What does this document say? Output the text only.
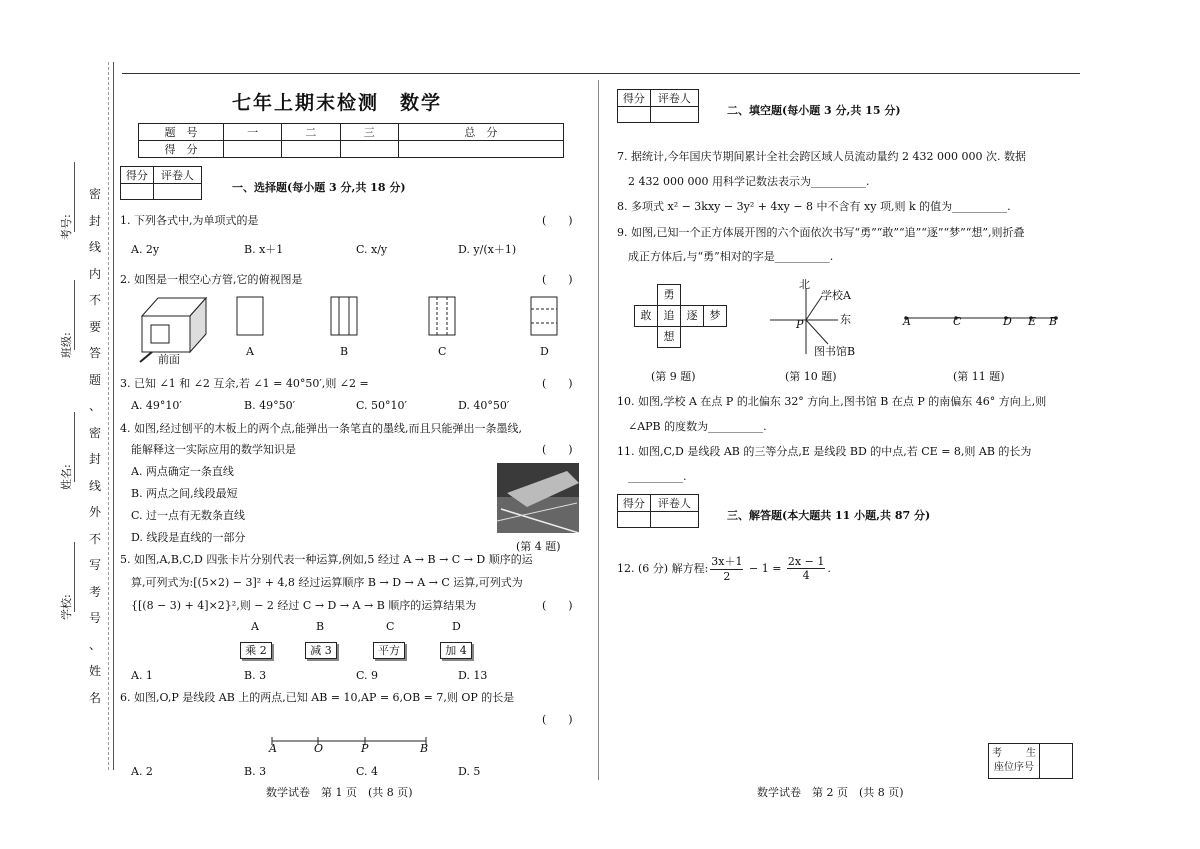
考号:
班级:
姓名:
学校:
密
封
线
内
不
要
答
题
、
密
封
线
外
不
写
考
号
、
姓
名
七年上期末检测　数学
题　号	一	二	三	总　分
得　分				
得分	评卷人

一、选择题(每小题 3 分,共 18 分)
1. 下列各式中,为单项式的是	(　　)
A. 2y	B. x＋1	C. x/y	D. y/(x＋1)
2. 如图是一根空心方管,它的俯视图是	(　　)
前面
A	B	C	D
3. 已知 ∠1 和 ∠2 互余,若 ∠1 = 40°50′,则 ∠2 =	(　　)
A. 49°10′	B. 49°50′	C. 50°10′	D. 40°50′
4. 如图,经过刨平的木板上的两个点,能弹出一条笔直的墨线,而且只能弹出一条墨线,
能解释这一实际应用的数学知识是	(　　)
A. 两点确定一条直线
B. 两点之间,线段最短
C. 过一点有无数条直线
D. 线段是直线的一部分
(第 4 题)
5. 如图,A,B,C,D 四张卡片分别代表一种运算,例如,5 经过 A → B → C → D 顺序的运
算,可列式为:[(5×2) − 3]² + 4,8 经过运算顺序 B → D → A → C 运算,可列式为
{[(8 − 3) + 4]×2}²,则 − 2 经过 C → D → A → B 顺序的运算结果为	(　　)
A	B	C	D
乘 2	减 3	平方	加 4
A. 1	B. 3	C. 9	D. 13
6. 如图,O,P 是线段 AB 上的两点,已知 AB = 10,AP = 6,OB = 7,则 OP 的长是
(　　)
A	O	P	B
A. 2	B. 3	C. 4	D. 5
数学试卷　第 1 页　(共 8 页)
得分	评卷人

二、填空题(每小题 3 分,共 15 分)
7. 据统计,今年国庆节期间累计全社会跨区域人员流动量约 2 432 000 000 次. 数据
2 432 000 000 用科学记数法表示为__________.
8. 多项式 x² − 3kxy − 3y² + 4xy − 8 中不含有 xy 项,则 k 的值为__________.
9. 如图,已知一个正方体展开图的六个面依次书写“勇”“敢”“追”“逐”“梦”“想”,则折叠
成正方体后,与“勇”相对的字是__________.
勇
敢	追	逐	梦
想
北
学校A
P	东
图书馆B
A	C	D E B
(第 9 题)	(第 10 题)	(第 11 题)
10. 如图,学校 A 在点 P 的北偏东 32° 方向上,图书馆 B 在点 P 的南偏东 46° 方向上,则
∠APB 的度数为__________.
11. 如图,C,D 是线段 AB 的三等分点,E 是线段 BD 的中点,若 CE = 8,则 AB 的长为
__________.
得分	评卷人

三、解答题(本大题共 11 小题,共 87 分)
12. (6 分) 解方程: $\frac{3x+1}{2} - 1 = \frac{2x - 1}{4}$ .
考 生
座位序号

数学试卷　第 2 页　(共 8 页)
